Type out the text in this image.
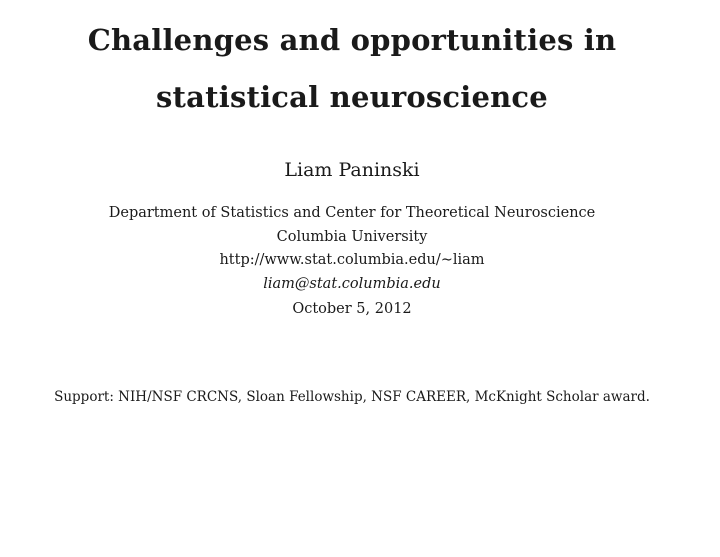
Challenges and opportunities in
statistical neuroscience
Liam Paninski
Department of Statistics and Center for Theoretical Neuroscience
Columbia University
http://www.stat.columbia.edu/∼liam
liam@stat.columbia.edu
October 5, 2012
Support: NIH/NSF CRCNS, Sloan Fellowship, NSF CAREER, McKnight Scholar award.
